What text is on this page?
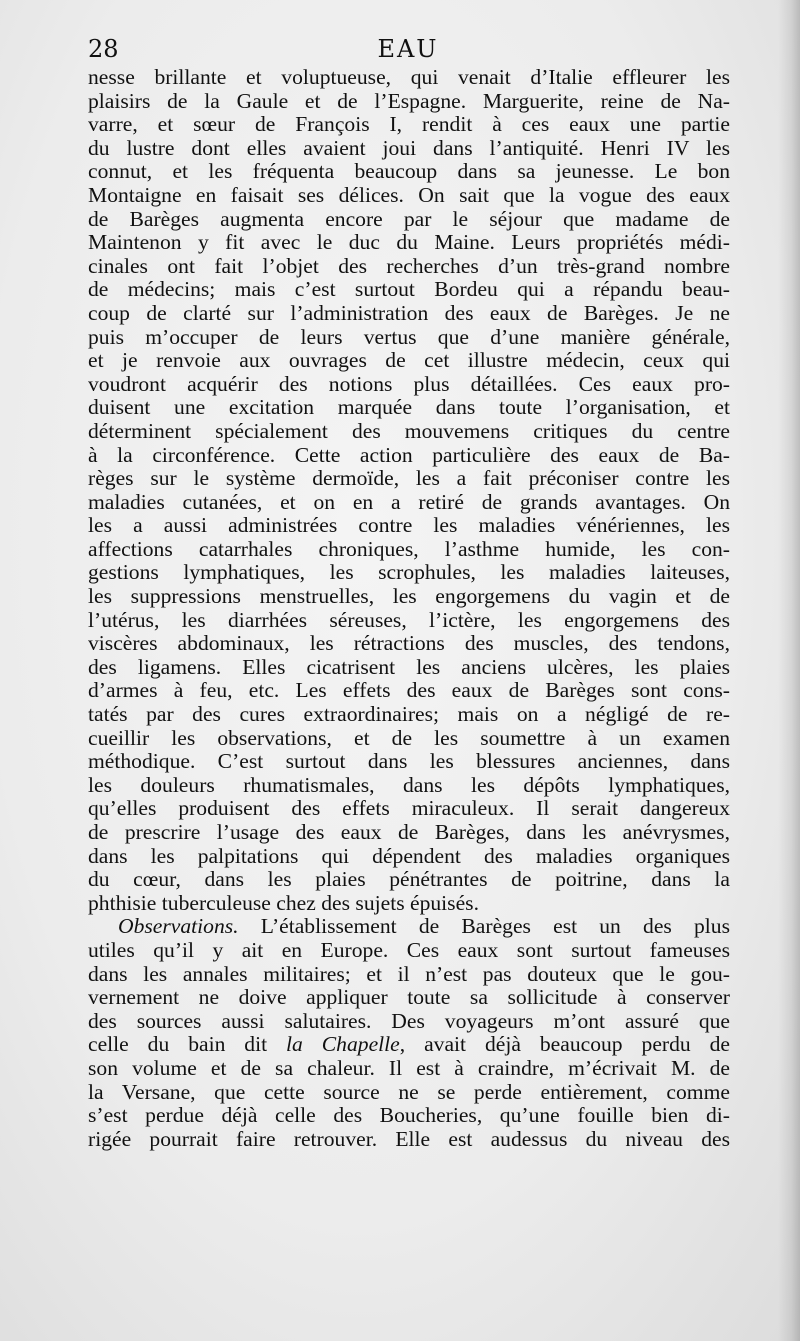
28	EAU
nesse brillante et voluptueuse, qui venait d’Italie effleurer les
plaisirs de la Gaule et de l’Espagne. Marguerite, reine de Na-
varre, et sœur de François I, rendit à ces eaux une partie
du lustre dont elles avaient joui dans l’antiquité. Henri IV les
connut, et les fréquenta beaucoup dans sa jeunesse. Le bon
Montaigne en faisait ses délices. On sait que la vogue des eaux
de Barèges augmenta encore par le séjour que madame de
Maintenon y fit avec le duc du Maine. Leurs propriétés médi-
cinales ont fait l’objet des recherches d’un très-grand nombre
de médecins; mais c’est surtout Bordeu qui a répandu beau-
coup de clarté sur l’administration des eaux de Barèges. Je ne
puis m’occuper de leurs vertus que d’une manière générale,
et je renvoie aux ouvrages de cet illustre médecin, ceux qui
voudront acquérir des notions plus détaillées. Ces eaux pro-
duisent une excitation marquée dans toute l’organisation, et
déterminent spécialement des mouvemens critiques du centre
à la circonférence. Cette action particulière des eaux de Ba-
règes sur le système dermoïde, les a fait préconiser contre les
maladies cutanées, et on en a retiré de grands avantages. On
les a aussi administrées contre les maladies vénériennes, les
affections catarrhales chroniques, l’asthme humide, les con-
gestions lymphatiques, les scrophules, les maladies laiteuses,
les suppressions menstruelles, les engorgemens du vagin et de
l’utérus, les diarrhées séreuses, l’ictère, les engorgemens des
viscères abdominaux, les rétractions des muscles, des tendons,
des ligamens. Elles cicatrisent les anciens ulcères, les plaies
d’armes à feu, etc. Les effets des eaux de Barèges sont cons-
tatés par des cures extraordinaires; mais on a négligé de re-
cueillir les observations, et de les soumettre à un examen
méthodique. C’est surtout dans les blessures anciennes, dans
les douleurs rhumatismales, dans les dépôts lymphatiques,
qu’elles produisent des effets miraculeux. Il serait dangereux
de prescrire l’usage des eaux de Barèges, dans les anévrysmes,
dans les palpitations qui dépendent des maladies organiques
du cœur, dans les plaies pénétrantes de poitrine, dans la
phthisie tuberculeuse chez des sujets épuisés.
Observations. L’établissement de Barèges est un des plus
utiles qu’il y ait en Europe. Ces eaux sont surtout fameuses
dans les annales militaires; et il n’est pas douteux que le gou-
vernement ne doive appliquer toute sa sollicitude à conserver
des sources aussi salutaires. Des voyageurs m’ont assuré que
celle du bain dit la Chapelle, avait déjà beaucoup perdu de
son volume et de sa chaleur. Il est à craindre, m’écrivait M. de
la Versane, que cette source ne se perde entièrement, comme
s’est perdue déjà celle des Boucheries, qu’une fouille bien di-
rigée pourrait faire retrouver. Elle est audessus du niveau des
